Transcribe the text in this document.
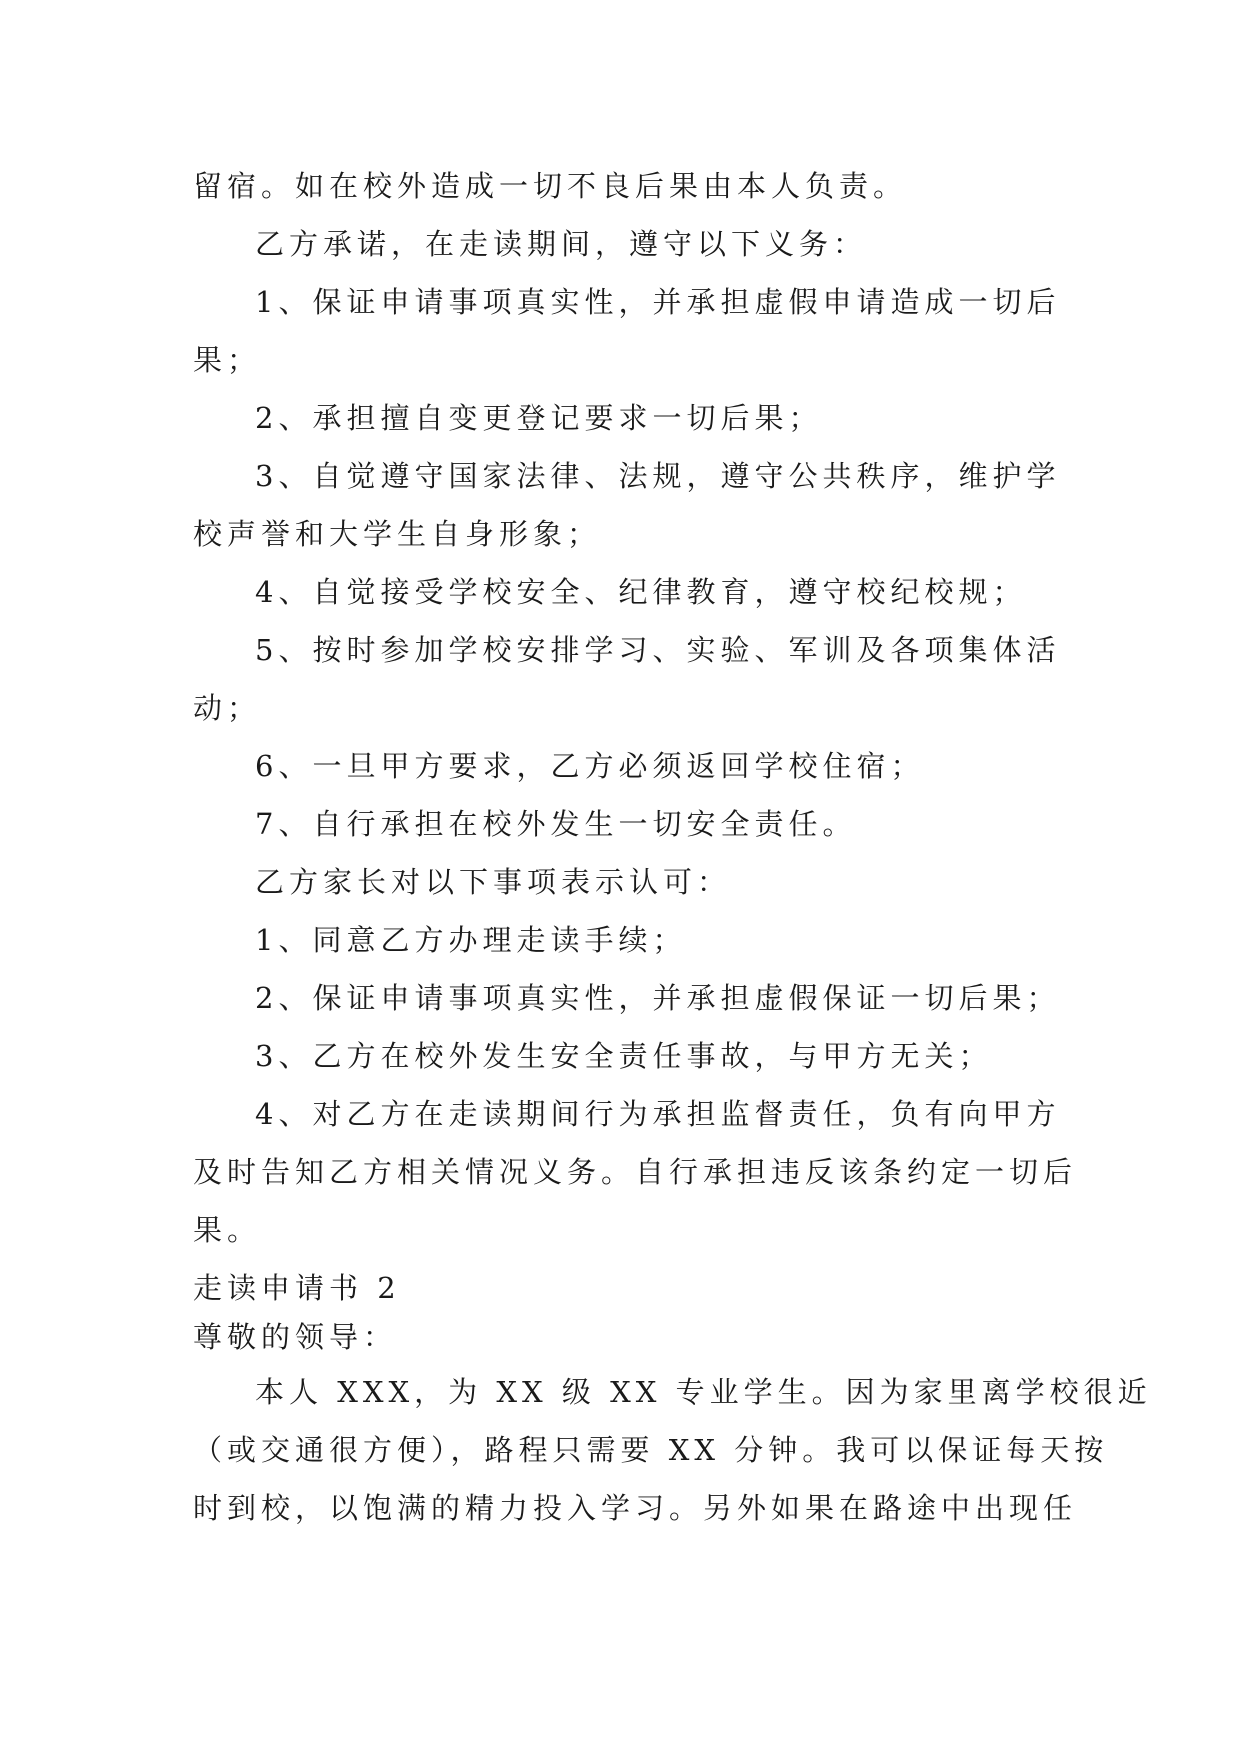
留宿。如在校外造成一切不良后果由本人负责。
乙方承诺，在走读期间，遵守以下义务：
1、保证申请事项真实性，并承担虚假申请造成一切后
果；
2、承担擅自变更登记要求一切后果；
3、自觉遵守国家法律、法规，遵守公共秩序，维护学
校声誉和大学生自身形象；
4、自觉接受学校安全、纪律教育，遵守校纪校规；
5、按时参加学校安排学习、实验、军训及各项集体活
动；
6、一旦甲方要求，乙方必须返回学校住宿；
7、自行承担在校外发生一切安全责任。
乙方家长对以下事项表示认可：
1、同意乙方办理走读手续；
2、保证申请事项真实性，并承担虚假保证一切后果；
3、乙方在校外发生安全责任事故，与甲方无关；
4、对乙方在走读期间行为承担监督责任，负有向甲方
及时告知乙方相关情况义务。自行承担违反该条约定一切后
果。
走读申请书 2
尊敬的领导：
本人 XXX，为 XX 级 XX 专业学生。因为家里离学校很近
（或交通很方便），路程只需要 XX 分钟。我可以保证每天按
时到校，以饱满的精力投入学习。另外如果在路途中出现任
